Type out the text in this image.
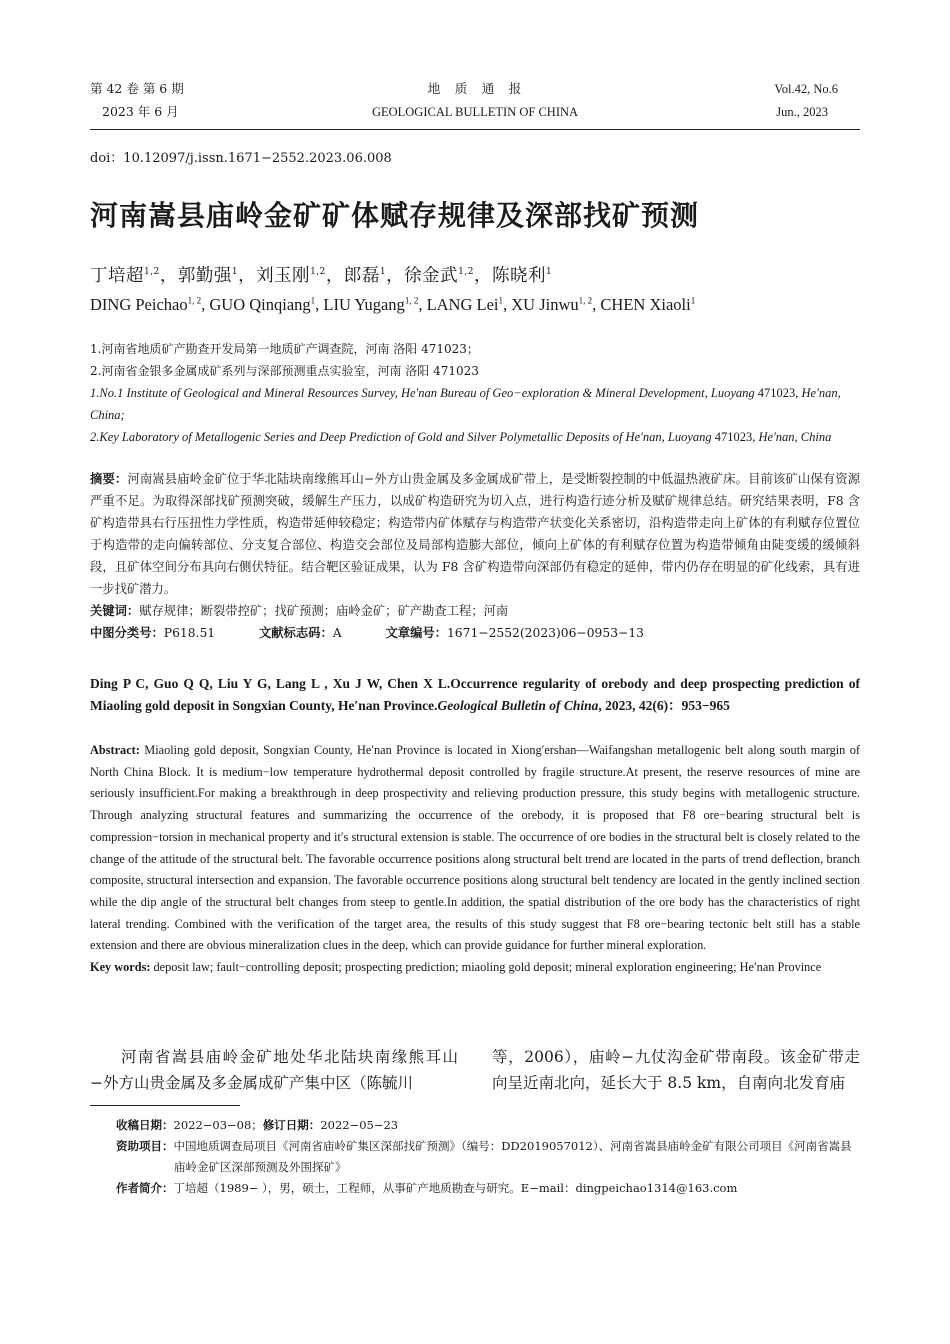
第 42 卷 第 6 期
2023 年 6 月
地　质　通　报
GEOLOGICAL BULLETIN OF CHINA
Vol.42, No.6
Jun., 2023
doi：10.12097/j.issn.1671−2552.2023.06.008
河南嵩县庙岭金矿矿体赋存规律及深部找矿预测
丁培超$^{1,2}$，郭勤强$^1$，刘玉刚$^{1,2}$，郎磊$^1$，徐金武$^{1,2}$，陈晓利$^1$
DING Peichao$^{1, 2}$, GUO Qinqiang$^1$, LIU Yugang$^{1, 2}$, LANG Lei$^1$, XU Jinwu$^{1, 2}$, CHEN Xiaoli$^1$
1.河南省地质矿产勘查开发局第一地质矿产调查院，河南 洛阳 471023；
2.河南省金银多金属成矿系列与深部预测重点实验室，河南 洛阳 471023
1.No.1 Institute of Geological and Mineral Resources Survey, He′nan Bureau of Geo−exploration & Mineral Development, Luoyang 471023, He′nan, China;
2.Key Laboratory of Metallogenic Series and Deep Prediction of Gold and Silver Polymetallic Deposits of He′nan, Luoyang 471023, He′nan, China
摘要：河南嵩县庙岭金矿位于华北陆块南缘熊耳山−外方山贵金属及多金属成矿带上，是受断裂控制的中低温热液矿床。目前该矿山保有资源严重不足。为取得深部找矿预测突破，缓解生产压力，以成矿构造研究为切入点，进行构造行迹分析及赋矿规律总结。研究结果表明，F8 含矿构造带具右行压扭性力学性质，构造带延伸较稳定；构造带内矿体赋存与构造带产状变化关系密切，沿构造带走向上矿体的有利赋存位置位于构造带的走向偏转部位、分支复合部位、构造交会部位及局部构造膨大部位，倾向上矿体的有利赋存位置为构造带倾角由陡变缓的缓倾斜段，且矿体空间分布具向右侧伏特征。结合靶区验证成果，认为 F8 含矿构造带向深部仍有稳定的延伸，带内仍存在明显的矿化线索，具有进一步找矿潜力。
关键词：赋存规律；断裂带控矿；找矿预测；庙岭金矿；矿产勘查工程；河南
中图分类号：P618.51	文献标志码：A	文章编号：1671−2552(2023)06−0953−13
Ding P C, Guo Q Q, Liu Y G, Lang L , Xu J W, Chen X L.Occurrence regularity of orebody and deep prospecting prediction of Miaoling gold deposit in Songxian County, He′nan Province.Geological Bulletin of China, 2023, 42(6)：953−965
Abstract: Miaoling gold deposit, Songxian County, He′nan Province is located in Xiong′ershan—Waifangshan metallogenic belt along south margin of North China Block. It is medium−low temperature hydrothermal deposit controlled by fragile structure.At present, the reserve resources of mine are seriously insufficient.For making a breakthrough in deep prospectivity and relieving production pressure, this study begins with metallogenic structure. Through analyzing structural features and summarizing the occurrence of the orebody, it is proposed that F8 ore−bearing structural belt is compression−torsion in mechanical property and it′s structural extension is stable. The occurrence of ore bodies in the structural belt is closely related to the change of the attitude of the structural belt. The favorable occurrence positions along structural belt trend are located in the parts of trend deflection, branch composite, structural intersection and expansion. The favorable occurrence positions along structural belt tendency are located in the gently inclined section while the dip angle of the structural belt changes from steep to gentle.In addition, the spatial distribution of the ore body has the characteristics of right lateral trending. Combined with the verification of the target area, the results of this study suggest that F8 ore−bearing tectonic belt still has a stable extension and there are obvious mineralization clues in the deep, which can provide guidance for further mineral exploration.
Key words: deposit law; fault−controlling deposit; prospecting prediction; miaoling gold deposit; mineral exploration engineering; He′nan Province
河南省嵩县庙岭金矿地处华北陆块南缘熊耳山−外方山贵金属及多金属成矿产集中区（陈毓川
等，2006），庙岭−九仗沟金矿带南段。该金矿带走向呈近南北向，延长大于 8.5 km，自南向北发育庙
收稿日期：2022−03−08；修订日期：2022−05−23
资助项目：中国地质调查局项目《河南省庙岭矿集区深部找矿预测》（编号：DD2019057012）、河南省嵩县庙岭金矿有限公司项目《河南省嵩县庙岭金矿区深部预测及外围探矿》
作者简介：丁培超（1989− ），男，硕士，工程师，从事矿产地质勘查与研究。E−mail：dingpeichao1314@163.com
